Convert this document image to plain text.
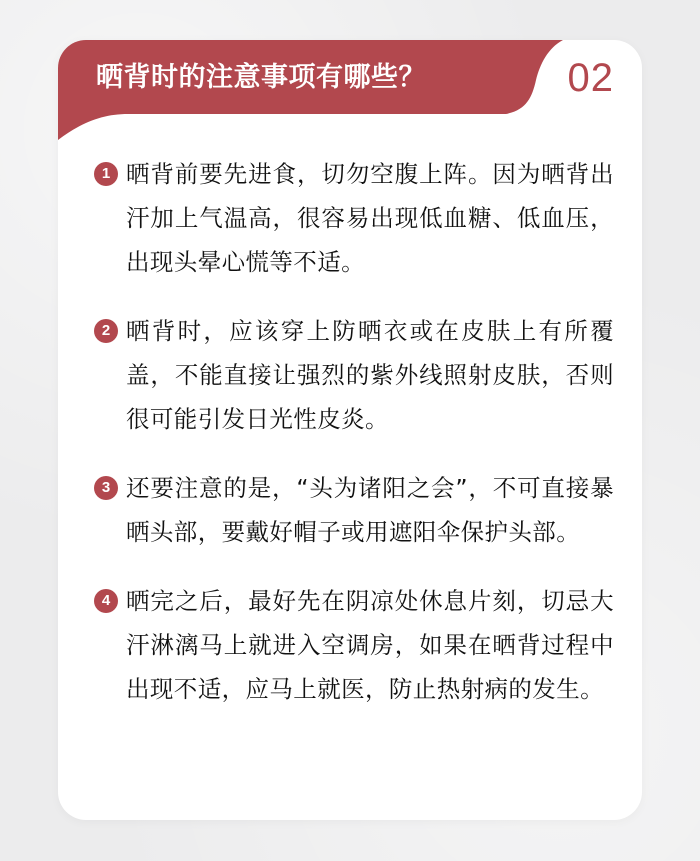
晒背时的注意事项有哪些？	02
1 晒背前要先进食，切勿空腹上阵。因为晒背出汗加上气温高，很容易出现低血糖、低血压，出现头晕心慌等不适。
2 晒背时，应该穿上防晒衣或在皮肤上有所覆盖，不能直接让强烈的紫外线照射皮肤，否则很可能引发日光性皮炎。
3 还要注意的是，“头为诸阳之会”，不可直接暴晒头部，要戴好帽子或用遮阳伞保护头部。
4 晒完之后，最好先在阴凉处休息片刻，切忌大汗淋漓马上就进入空调房，如果在晒背过程中出现不适，应马上就医，防止热射病的发生。
